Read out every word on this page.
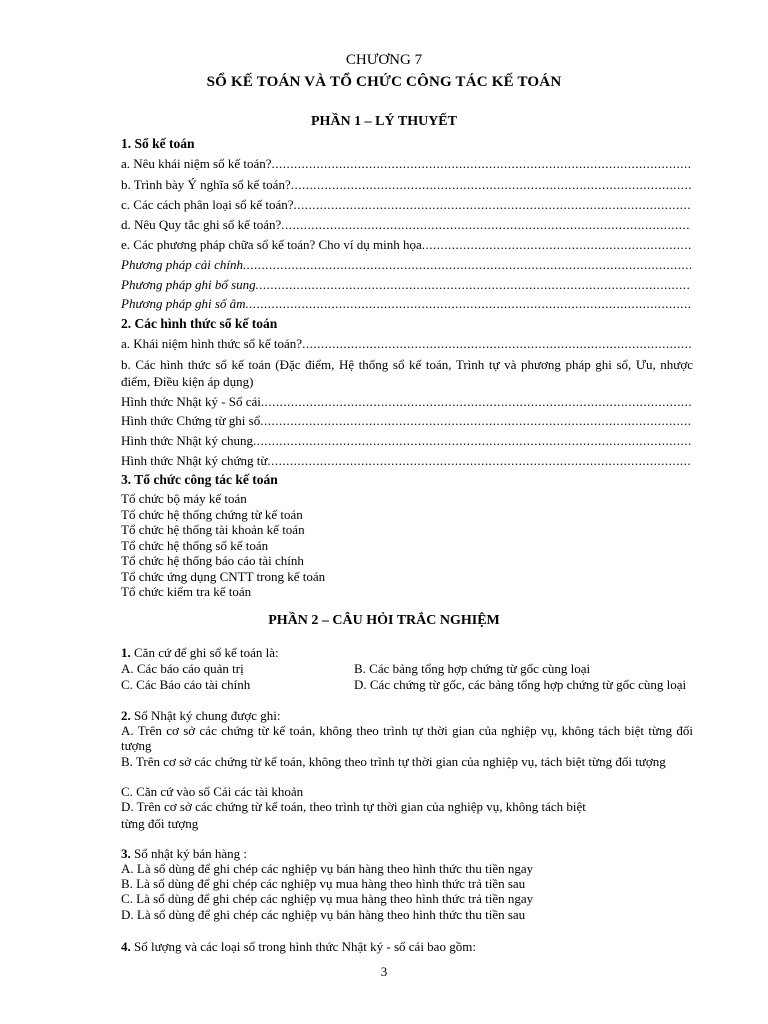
CHƯƠNG 7
SỔ KẾ TOÁN VÀ TỔ CHỨC CÔNG TÁC KẾ TOÁN
PHẦN 1 – LÝ THUYẾT
1. Sổ kế toán
a. Nêu khái niệm sổ kế toán?
.....
b. Trình bày Ý nghĩa sổ kế toán?
.....
c. Các cách phân loại sổ kế toán?
.....
d. Nêu Quy tắc ghi sổ kế toán?
.....
e. Các phương pháp chữa sổ kế toán? Cho ví dụ minh họa
.....
Phương pháp cải chính
.....
Phương pháp ghi bổ sung
.....
Phương pháp ghi số âm
.....
2. Các hình thức sổ kế toán
a. Khái niệm hình thức sổ kế toán?
.....
b. Các hình thức sổ kế toán (Đặc điểm, Hệ thống sổ kế toán, Trình tự và phương pháp ghi sổ, Ưu, nhược điểm, Điều kiện áp dụng)
Hình thức Nhật ký - Sổ cái
.....
Hình thức Chứng từ ghi sổ
.....
Hình thức Nhật ký chung
.....
Hình thức Nhật ký chứng từ
.....
3. Tổ chức công tác kế toán
Tổ chức bộ máy kế toán
Tổ chức hệ thống chứng từ kế toán
Tổ chức hệ thống tài khoản kế toán
Tổ chức hệ thống sổ kế toán
Tổ chức hệ thống báo cáo tài chính
Tổ chức ứng dụng CNTT trong kế toán
Tổ chức kiểm tra kế toán
PHẦN 2 – CÂU HỎI TRẮC NGHIỆM
1. Căn cứ để ghi sổ kế toán là:
A. Các báo cáo quản trị	B. Các bảng tổng hợp chứng từ gốc cùng loại
C. Các Báo cáo tài chính	D. Các chứng từ gốc, các bảng tổng hợp chứng từ gốc cùng loại
2. Sổ Nhật ký chung được ghi:
A. Trên cơ sở các chứng từ kế toán, không theo trình tự thời gian của nghiệp vụ, không tách biệt từng đối tượng
B. Trên cơ sở các chứng từ kế toán, không theo trình tự thời gian của nghiệp vụ, tách biệt từng đối tượng
C. Căn cứ vào sổ Cái các tài khoản
D. Trên cơ sở các chứng từ kế toán, theo trình tự thời gian của nghiệp vụ, không tách biệt
từng đối tượng
3. Sổ nhật ký bán hàng :
A. Là sổ dùng để ghi chép các nghiệp vụ bán hàng theo hình thức thu tiền ngay
B. Là sổ dùng để ghi chép các nghiệp vụ mua hàng theo hình thức trả tiền sau
C. Là sổ dùng để ghi chép các nghiệp vụ mua hàng theo hình thức trả tiền ngay
D. Là sổ dùng để ghi chép các nghiệp vụ bán hàng theo hình thức thu tiền sau
4. Số lượng và các loại sổ trong hình thức Nhật ký - sổ cái bao gồm:
3
